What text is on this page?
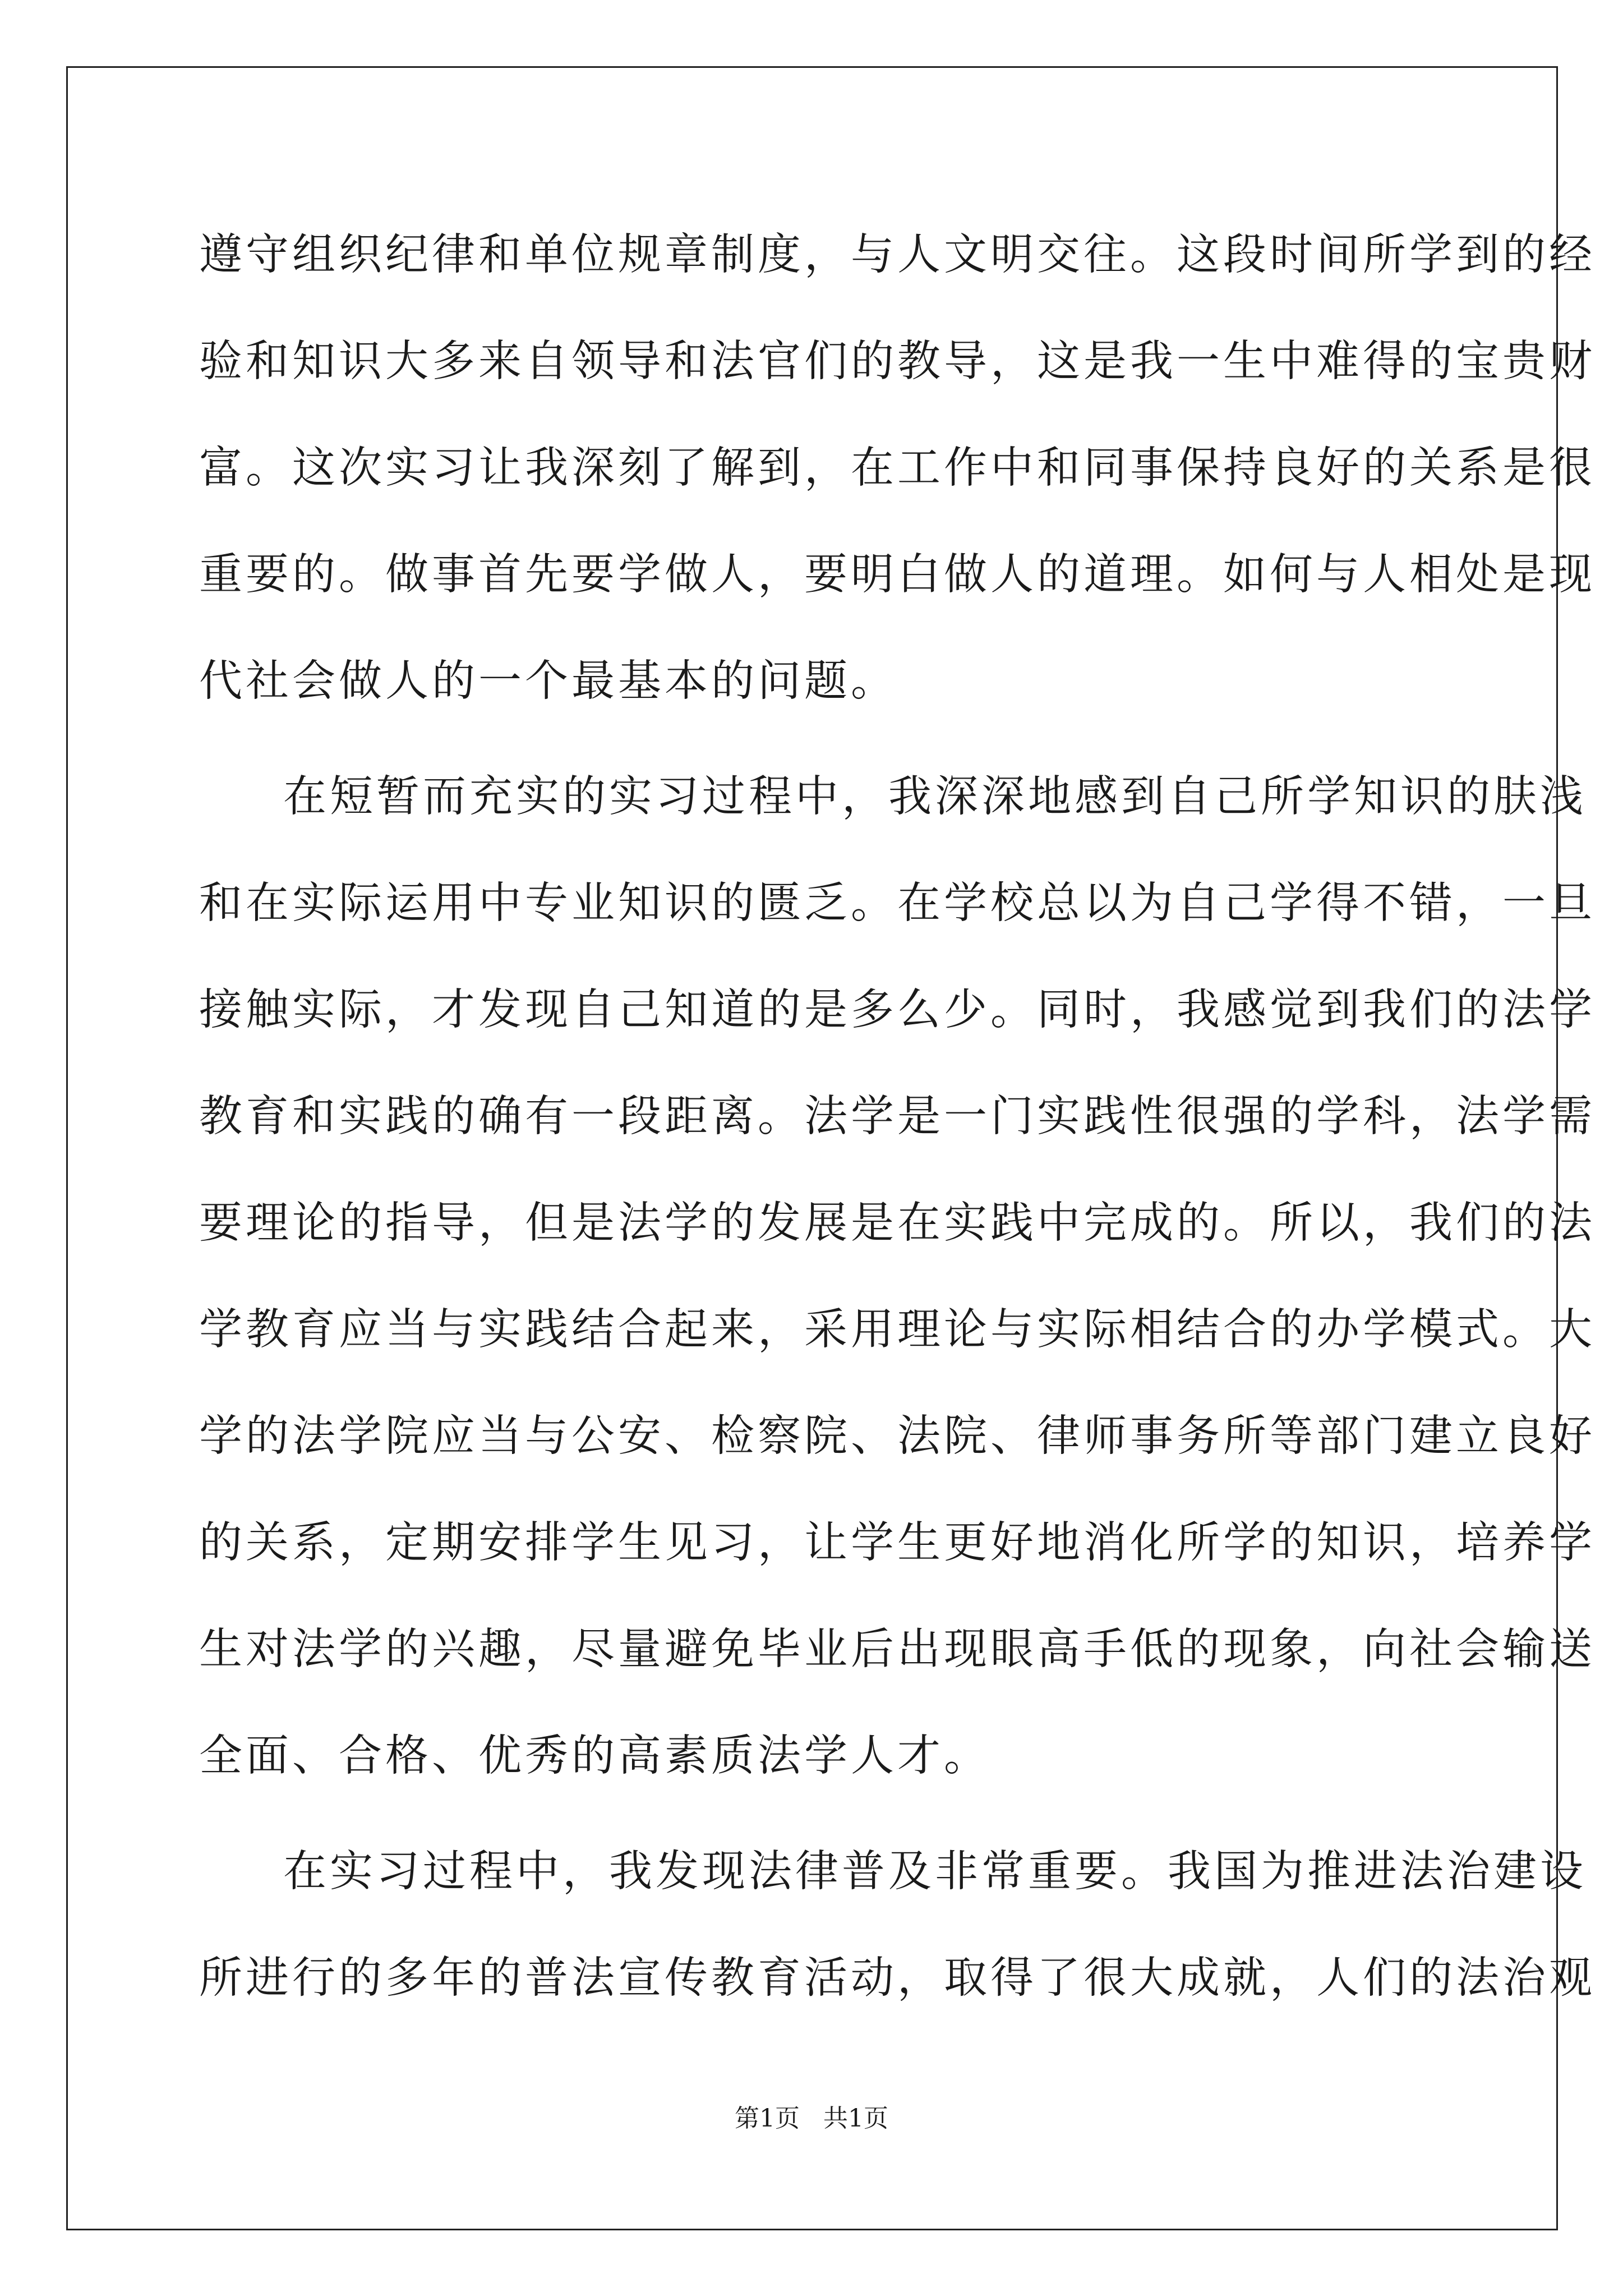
遵守组织纪律和单位规章制度，与人文明交往。这段时间所学到的经
验和知识大多来自领导和法官们的教导，这是我一生中难得的宝贵财
富。这次实习让我深刻了解到，在工作中和同事保持良好的关系是很
重要的。做事首先要学做人，要明白做人的道理。如何与人相处是现
代社会做人的一个最基本的问题。
在短暂而充实的实习过程中，我深深地感到自己所学知识的肤浅
和在实际运用中专业知识的匮乏。在学校总以为自己学得不错，一旦
接触实际，才发现自己知道的是多么少。同时，我感觉到我们的法学
教育和实践的确有一段距离。法学是一门实践性很强的学科，法学需
要理论的指导，但是法学的发展是在实践中完成的。所以，我们的法
学教育应当与实践结合起来，采用理论与实际相结合的办学模式。大
学的法学院应当与公安、检察院、法院、律师事务所等部门建立良好
的关系，定期安排学生见习，让学生更好地消化所学的知识，培养学
生对法学的兴趣，尽量避免毕业后出现眼高手低的现象，向社会输送
全面、合格、优秀的高素质法学人才。
在实习过程中，我发现法律普及非常重要。我国为推进法治建设
所进行的多年的普法宣传教育活动，取得了很大成就，人们的法治观
第1页 共1页
